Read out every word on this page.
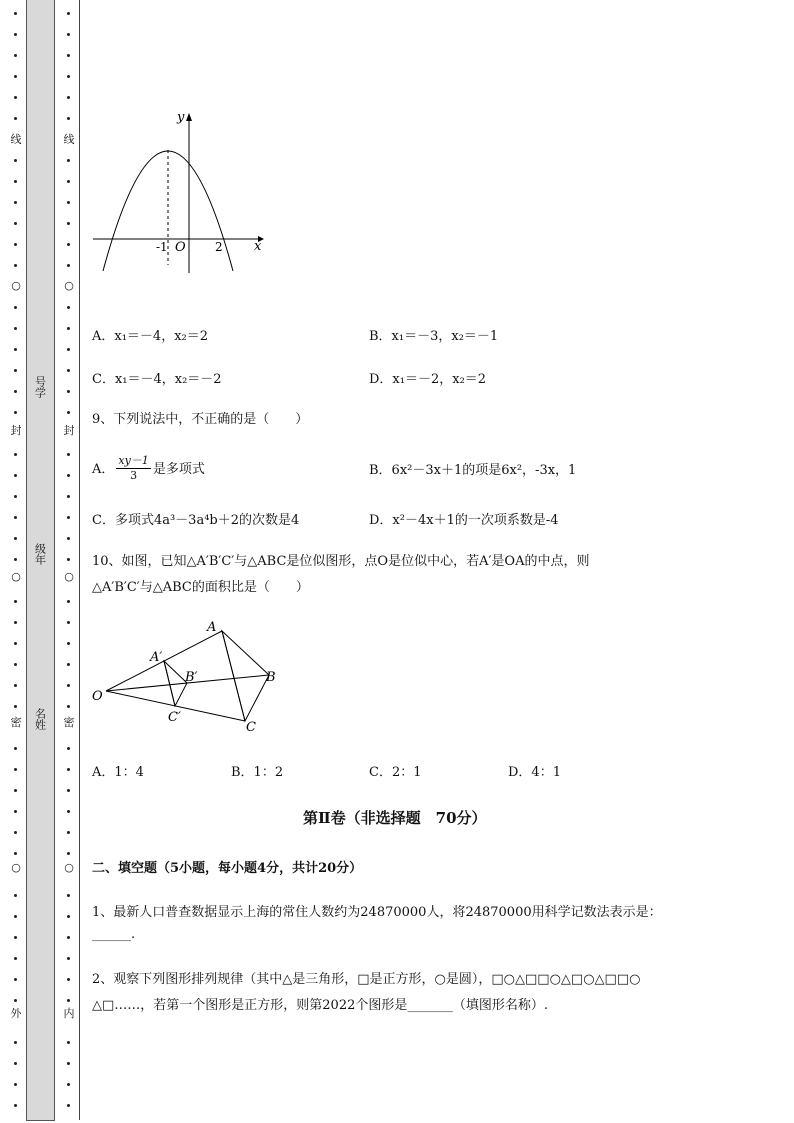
线
○
封
○
密
○
外
线
○
封
○
密
○
内
号学
级年
名姓
y
x
O
-1	2
A．x₁＝－4，x₂＝2	B．x₁＝－3，x₂＝－1
C．x₁＝－4，x₂＝－2	D．x₁＝－2，x₂＝2
9、下列说法中，不正确的是（　　）
A． $\frac{xy-1}{3}$ 是多项式	B．6x²－3x＋1的项是6x²，-3x，1
C．多项式4a³－3a⁴b＋2的次数是4	D．x²－4x＋1的一次项系数是-4
10、如图，已知△A′B′C′与△ABC是位似图形，点O是位似中心，若A′是OA的中点，则
△A′B′C′与△ABC的面积比是（　　）
O
A
B
C
A′
B′
C′
A．1：4	B．1：2	C．2：1	D．4：1
第Ⅱ卷（非选择题　70分）
二、填空题（5小题，每小题4分，共计20分）
1、最新人口普查数据显示上海的常住人数约为24870000人，将24870000用科学记数法表示是：
______.
2、观察下列图形排列规律（其中△是三角形，□是正方形，○是圆），□○△□□○△□○△□□○
△□……，若第一个图形是正方形，则第2022个图形是_______（填图形名称）.
